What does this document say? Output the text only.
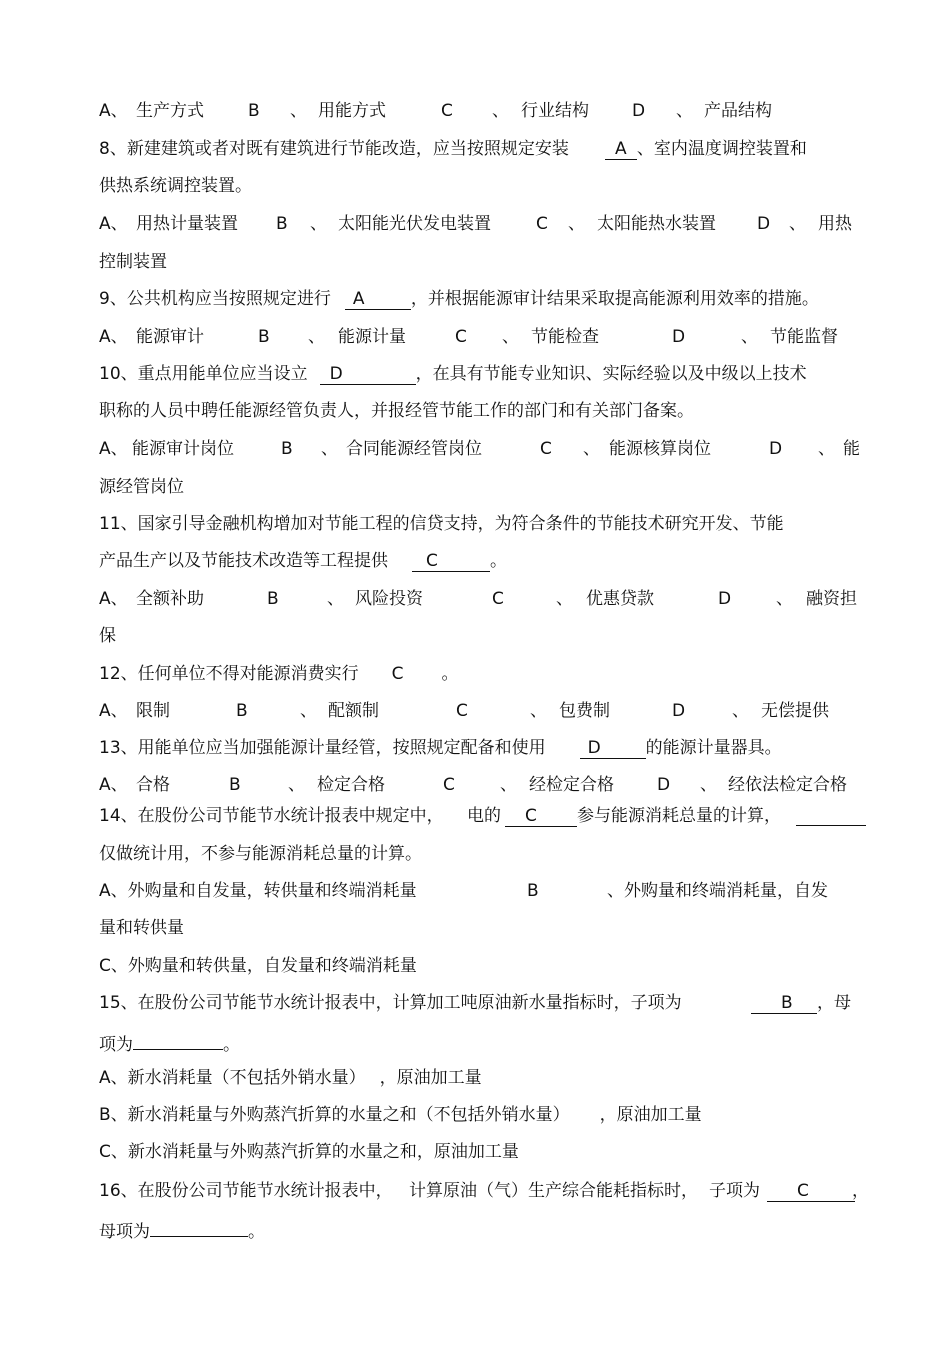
A、 生产方式	B 、 用能方式	C 、 行业结构	D 、 产品结构
8、新建建筑或者对既有建筑进行节能改造，应当按照规定安装	A 、室内温度调控装置和
供热系统调控装置。
A、 用热计量装置 B 、 太阳能光伏发电装置	C 、 太阳能热水装置 D 、 用热
控制装置
9、公共机构应当按照规定进行 A	，并根据能源审计结果采取提高能源利用效率的措施。
A、 能源审计	B 、 能源计量	C 、 节能检查	D	、 节能监督
10、重点用能单位应当设立 D	，在具有节能专业知识、实际经验以及中级以上技术
职称的人员中聘任能源经管负责人，并报经管节能工作的部门和有关部门备案。
A、 能源审计岗位	B 、 合同能源经管岗位	C 、 能源核算岗位	D 、 能
源经管岗位
11、国家引导金融机构增加对节能工程的信贷支持，为符合条件的节能技术研究开发、节能
产品生产以及节能技术改造等工程提供 C	。
A、 全额补助	B	、 风险投资	C	、 优惠贷款	D	、 融资担
保
12、任何单位不得对能源消费实行 C 。
A、 限制	B	、 配额制	C	、 包费制	D	、 无偿提供
13、用能单位应当加强能源计量经管，按照规定配备和使用 D	的能源计量器具。
A、 合格	B	、 检定合格	C	、 经检定合格	D 、 经依法检定合格
14、在股份公司节能节水统计报表中规定中， 电的	C	参与能源消耗总量的计算，
仅做统计用，不参与能源消耗总量的计算。
A、外购量和自发量，转供量和终端消耗量	B	、外购量和终端消耗量，自发
量和转供量
C、外购量和转供量，自发量和终端消耗量
15、在股份公司节能节水统计报表中，计算加工吨原油新水量指标时，子项为	B	，母
项为	。
A、新水消耗量（不包括外销水量） ，原油加工量
B、新水消耗量与外购蒸汽折算的水量之和（不包括外销水量） ，原油加工量
C、新水消耗量与外购蒸汽折算的水量之和，原油加工量
16、在股份公司节能节水统计报表中， 计算原油（气）生产综合能耗指标时， 子项为	C	，
母项为	。
